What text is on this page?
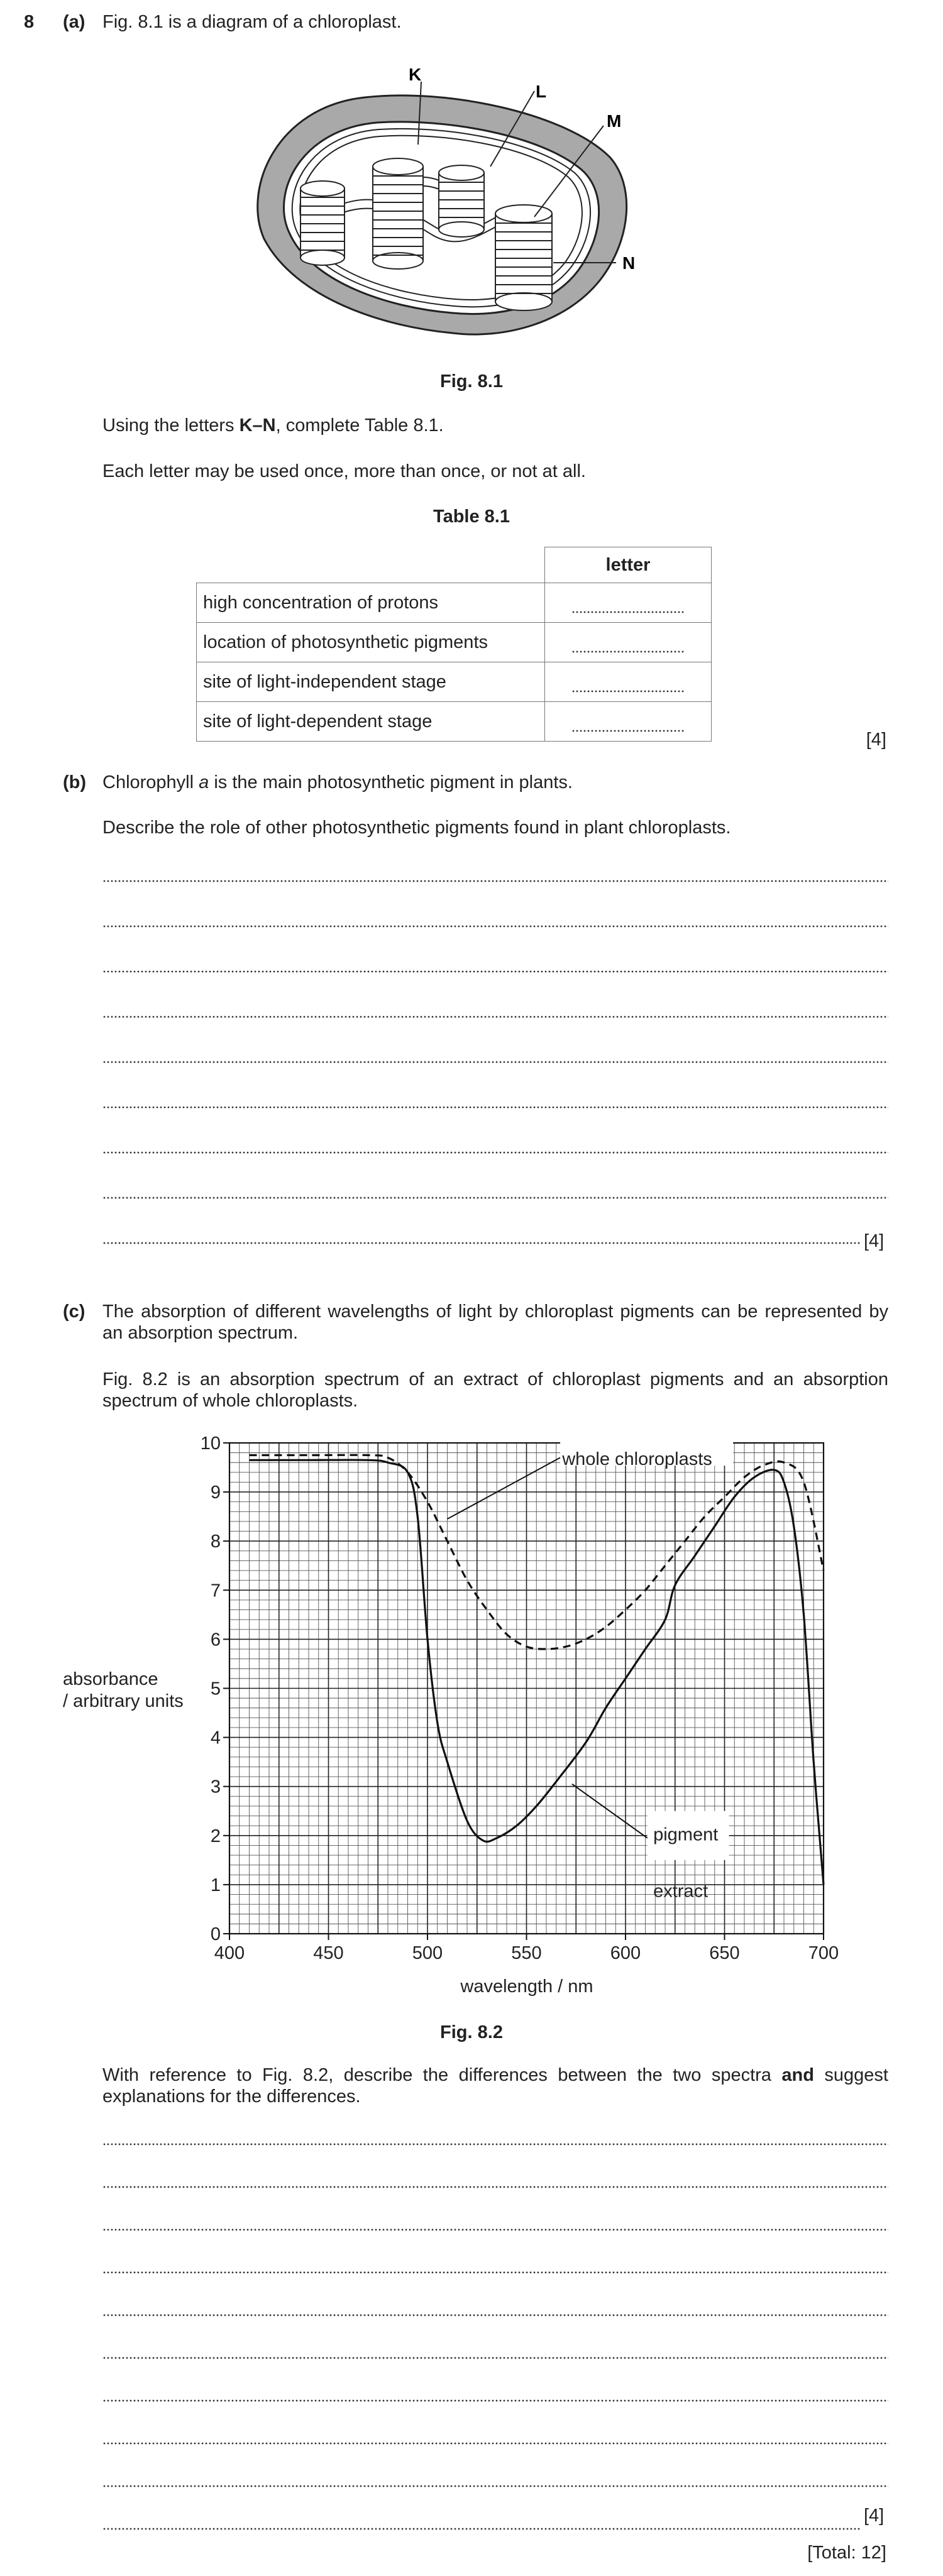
8 (a) Fig. 8.1 is a diagram of a chloroplast.
K
L
M
N
Fig. 8.1
Using the letters K–N, complete Table 8.1.
Each letter may be used once, more than once, or not at all.
Table 8.1
	letter
high concentration of protons	
location of photosynthetic pigments	
site of light-independent stage	
site of light-dependent stage	
[4]
(b) Chlorophyll a is the main photosynthetic pigment in plants.
Describe the role of other photosynthetic pigments found in plant chloroplasts.
[4]
(c) The absorption of different wavelengths of light by chloroplast pigments can be represented by an absorption spectrum.
Fig. 8.2 is an absorption spectrum of an extract of chloroplast pigments and an absorption spectrum of whole chloroplasts.
400	450	500	550	600	650	700
0
1
2
3
4
5
6
7
8
9
10
whole chloroplasts
pigment
extract
absorbance
/ arbitrary units
wavelength / nm
Fig. 8.2
With reference to Fig. 8.2, describe the differences between the two spectra and suggest explanations for the differences.
[4]
[Total: 12]
